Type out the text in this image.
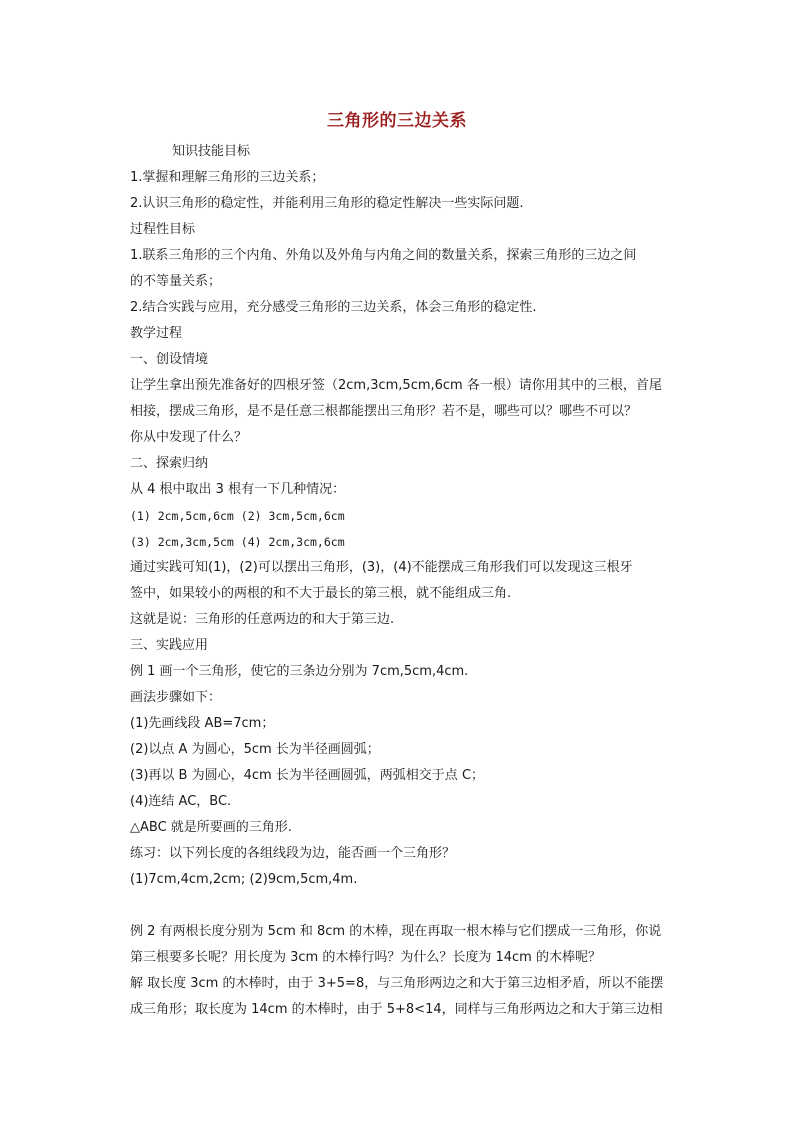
三角形的三边关系
知识技能目标
1.掌握和理解三角形的三边关系；
2.认识三角形的稳定性，并能利用三角形的稳定性解决一些实际问题.
过程性目标
1.联系三角形的三个内角、外角以及外角与内角之间的数量关系，探索三角形的三边之间
的不等量关系；
2.结合实践与应用，充分感受三角形的三边关系，体会三角形的稳定性.
教学过程
一、创设情境
让学生拿出预先准备好的四根牙签（2cm,3cm,5cm,6cm 各一根）请你用其中的三根，首尾
相接，摆成三角形，是不是任意三根都能摆出三角形？若不是，哪些可以？哪些不可以？
你从中发现了什么？
二、探索归纳
从 4 根中取出 3 根有一下几种情况：
(1) 2cm,5cm,6cm (2) 3cm,5cm,6cm
(3) 2cm,3cm,5cm (4) 2cm,3cm,6cm
通过实践可知(1)，(2)可以摆出三角形，(3)，(4)不能摆成三角形我们可以发现这三根牙
签中，如果较小的两根的和不大于最长的第三根，就不能组成三角.
这就是说：三角形的任意两边的和大于第三边.
三、实践应用
例 1 画一个三角形，使它的三条边分别为 7cm,5cm,4cm.
画法步骤如下：
(1)先画线段 AB=7cm；
(2)以点 A 为圆心，5cm 长为半径画圆弧；
(3)再以 B 为圆心，4cm 长为半径画圆弧，两弧相交于点 C；
(4)连结 AC，BC.
△ABC 就是所要画的三角形.
练习：以下列长度的各组线段为边，能否画一个三角形？
(1)7cm,4cm,2cm; (2)9cm,5cm,4m.
例 2 有两根长度分别为 5cm 和 8cm 的木棒，现在再取一根木棒与它们摆成一三角形，你说
第三根要多长呢？用长度为 3cm 的木棒行吗？为什么？长度为 14cm 的木棒呢？
解 取长度 3cm 的木棒时，由于 3+5=8，与三角形两边之和大于第三边相矛盾，所以不能摆
成三角形；取长度为 14cm 的木棒时，由于 5+8<14，同样与三角形两边之和大于第三边相
